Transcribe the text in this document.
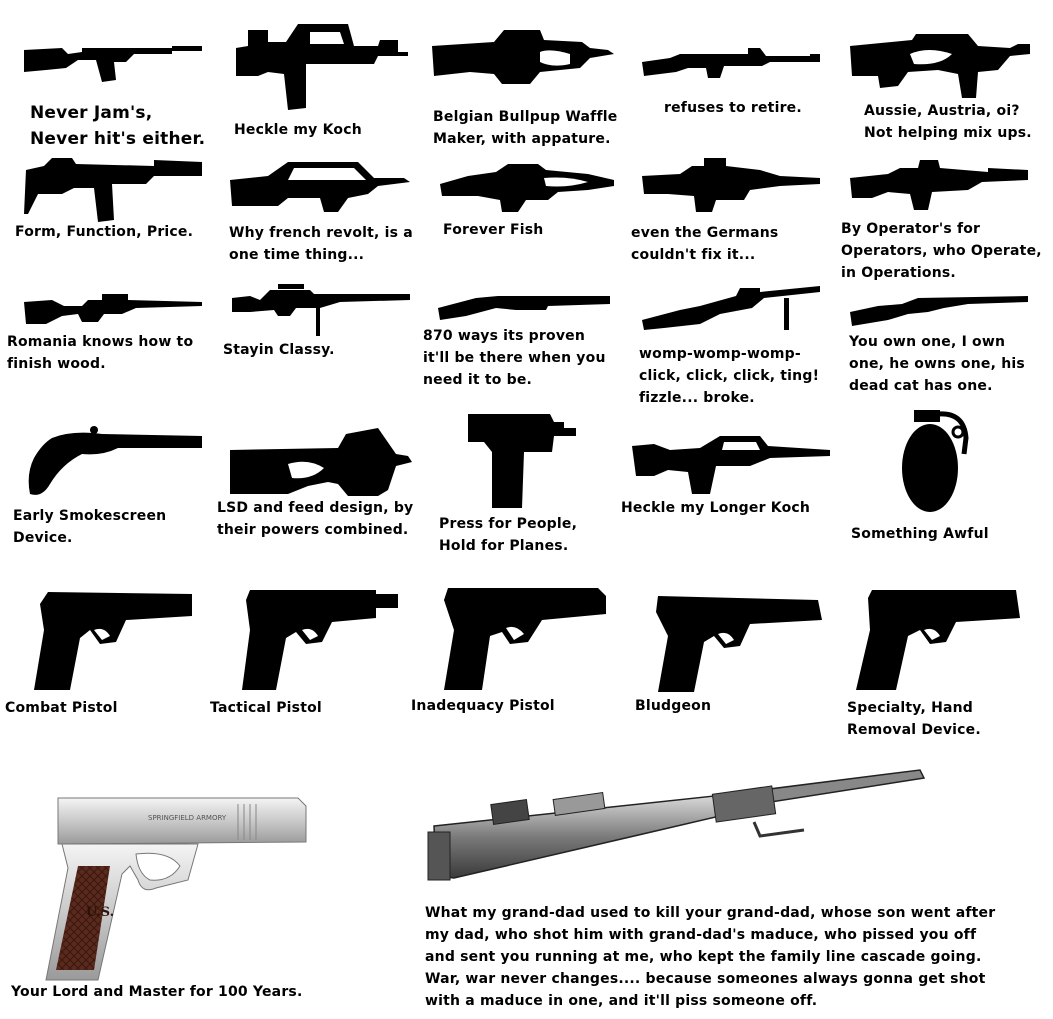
Never Jam's,
Never hit's either. Heckle my Koch
Belgian Bullpup Waffle
Maker, with appature.
refuses to retire.	Aussie, Austria, oi?
Not helping mix ups.
Form, Function, Price.	Why french revolt, is a
one time thing...
Forever Fish	even the Germans
couldn't fix it...
By Operator's for
Operators, who Operate,
in Operations.
Romania knows how to
finish wood.
Stayin Classy.
870 ways its proven
it'll be there when you
need it to be.
womp-womp-womp-
click, click, click, ting!
fizzle... broke.
You own one, I own
one, he owns one, his
dead cat has one.
Early Smokescreen
Device.
LSD and feed design, by
their powers combined.	Press for People,
Hold for Planes.
Heckle my Longer Koch
Something Awful
Combat Pistol	Tactical Pistol	Inadequacy Pistol	Bludgeon	Specialty, Hand
Removal Device.
U.S.
SPRINGFIELD ARMORY
Your Lord and Master for 100 Years.
What my grand-dad used to kill your grand-dad, whose son went after
my dad, who shot him with grand-dad's maduce, who pissed you off
and sent you running at me, who kept the family line cascade going.
War, war never changes.... because someones always gonna get shot
with a maduce in one, and it'll piss someone off.
